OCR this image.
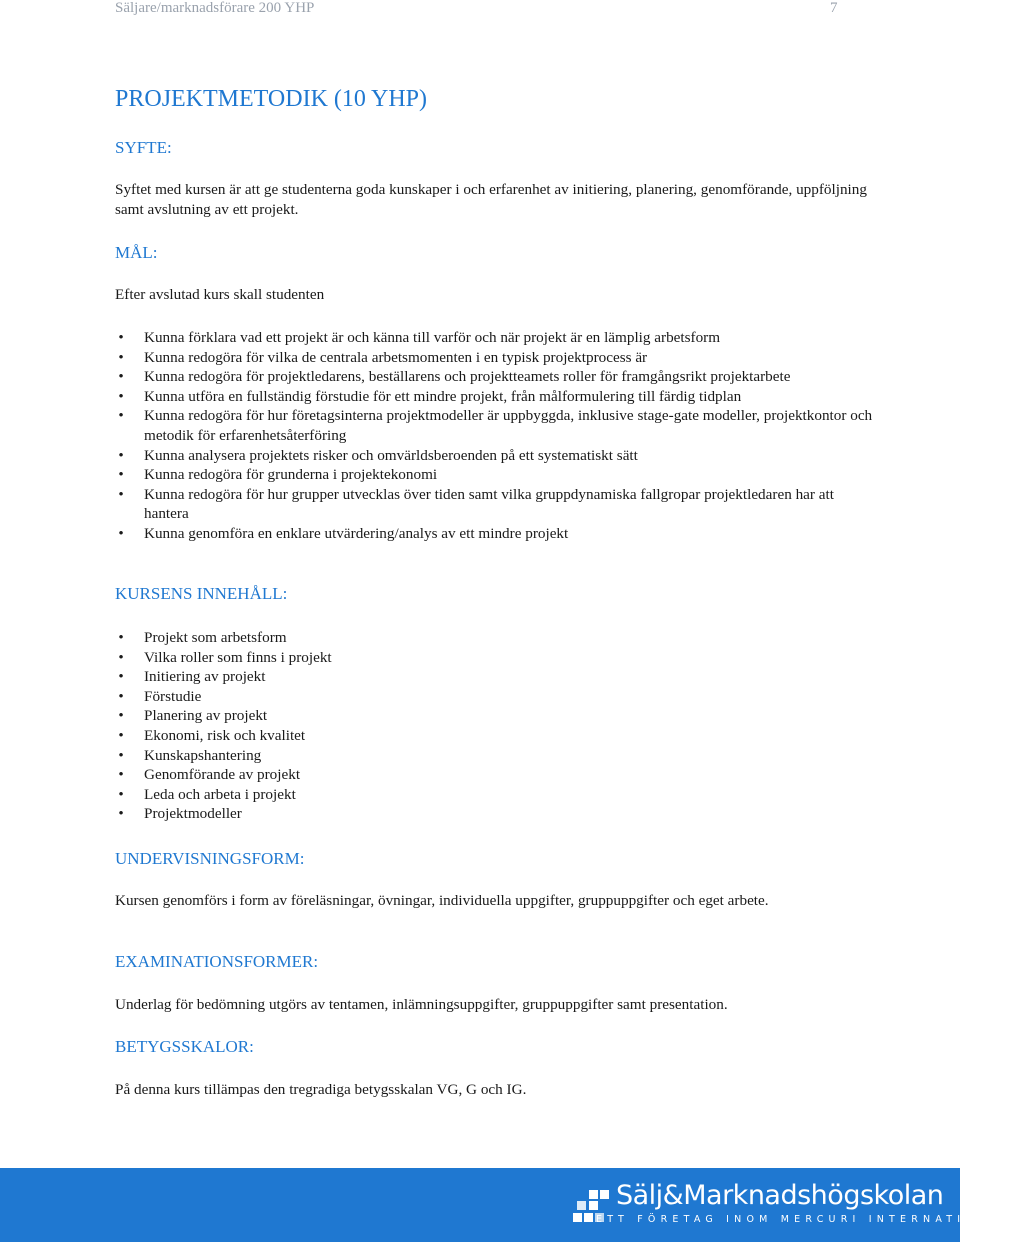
Säljare/marknadsförare 200 YHP	7
PROJEKTMETODIK (10 YHP)
SYFTE:

Syftet med kursen är att ge studenterna goda kunskaper i och erfarenhet av initiering, planering, genomförande, uppföljning samt avslutning av ett projekt.

MÅL:

Efter avslutad kurs skall studenten

• Kunna förklara vad ett projekt är och känna till varför och när projekt är en lämplig arbetsform
• Kunna redogöra för vilka de centrala arbetsmomenten i en typisk projektprocess är
• Kunna redogöra för projektledarens, beställarens och projektteamets roller för framgångsrikt projektarbete
• Kunna utföra en fullständig förstudie för ett mindre projekt, från målformulering till färdig tidplan
• Kunna redogöra för hur företagsinterna projektmodeller är uppbyggda, inklusive stage-gate modeller, projektkontor och metodik för erfarenhetsåterföring
• Kunna analysera projektets risker och omvärldsberoenden på ett systematiskt sätt
• Kunna redogöra för grunderna i projektekonomi
• Kunna redogöra för hur grupper utvecklas över tiden samt vilka gruppdynamiska fallgropar projektledaren har att hantera
• Kunna genomföra en enklare utvärdering/analys av ett mindre projekt
KURSENS INNEHÅLL:
• Projekt som arbetsform
• Vilka roller som finns i projekt
• Initiering av projekt
• Förstudie
• Planering av projekt
• Ekonomi, risk och kvalitet
• Kunskapshantering
• Genomförande av projekt
• Leda och arbeta i projekt
• Projektmodeller
UNDERVISNINGSFORM:

Kursen genomförs i form av föreläsningar, övningar, individuella uppgifter, gruppuppgifter och eget arbete.

EXAMINATIONSFORMER:

Underlag för bedömning utgörs av tentamen, inlämningsuppgifter, gruppuppgifter samt presentation.

BETYGSSKALOR:

På denna kurs tillämpas den tregradiga betygsskalan VG, G och IG.

Sälj&Marknadshögskolan
ETT FÖRETAG INOM MERCURI INTERNATIONAL
